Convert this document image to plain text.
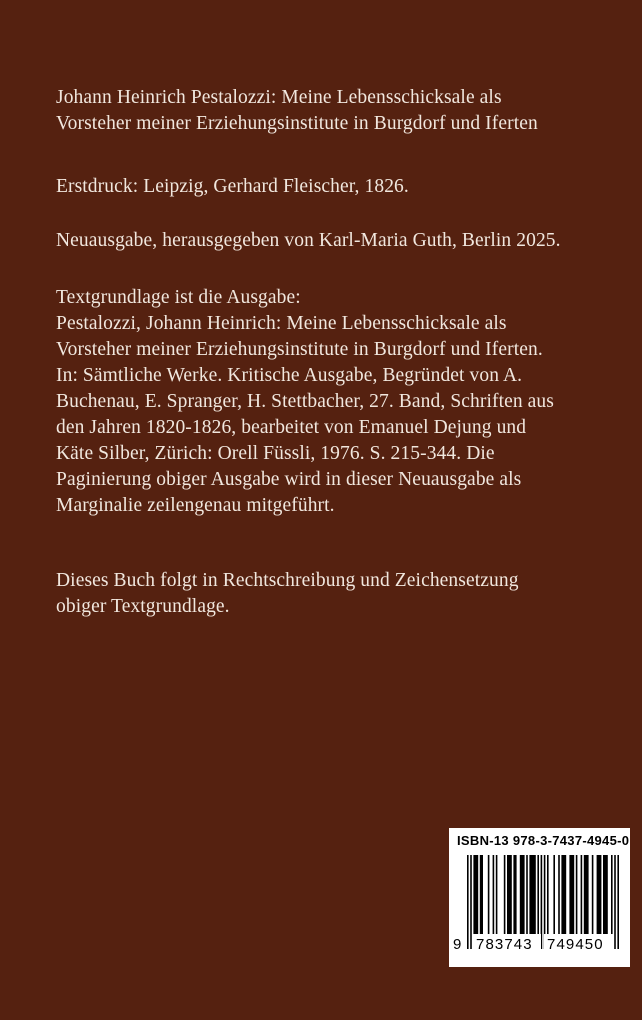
Johann Heinrich Pestalozzi: Meine Lebensschicksale als
Vorsteher meiner Erziehungsinstitute in Burgdorf und Iferten
Erstdruck: Leipzig, Gerhard Fleischer, 1826.
Neuausgabe, herausgegeben von Karl-Maria Guth, Berlin 2025.
Textgrundlage ist die Ausgabe:
Pestalozzi, Johann Heinrich: Meine Lebensschicksale als
Vorsteher meiner Erziehungsinstitute in Burgdorf und Iferten.
In: Sämtliche Werke. Kritische Ausgabe, Begründet von A.
Buchenau, E. Spranger, H. Stettbacher, 27. Band, Schriften aus
den Jahren 1820-1826, bearbeitet von Emanuel Dejung und
Käte Silber, Zürich: Orell Füssli, 1976. S. 215-344. Die
Paginierung obiger Ausgabe wird in dieser Neuausgabe als
Marginalie zeilengenau mitgeführt.
Dieses Buch folgt in Rechtschreibung und Zeichensetzung
obiger Textgrundlage.
ISBN-13 978-3-7437-4945-0
9 783743 749450
